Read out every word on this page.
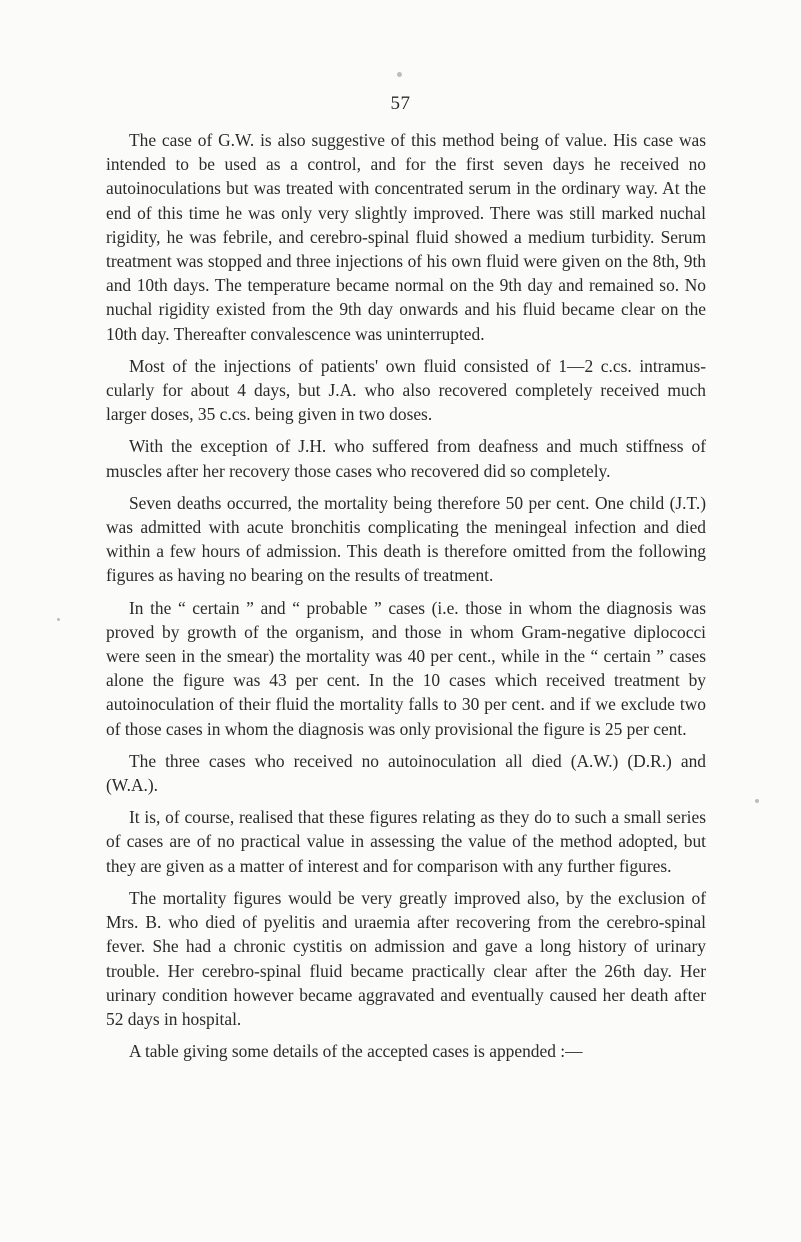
57

The case of G.W. is also suggestive of this method being of value. His case was intended to be used as a control, and for the first seven days he received no autoinoculations but was treated with concentrated serum in the ordinary way. At the end of this time he was only very slightly improved. There was still marked nuchal rigidity, he was febrile, and cerebro-spinal fluid showed a medium turbidity. Serum treatment was stopped and three injections of his own fluid were given on the 8th, 9th and 10th days. The temperature became normal on the 9th day and remained so. No nuchal rigidity existed from the 9th day onwards and his fluid became clear on the 10th day. Thereafter convalescence was uninterrupted.

Most of the injections of patients' own fluid consisted of 1—2 c.cs. intramus-cularly for about 4 days, but J.A. who also recovered completely received much larger doses, 35 c.cs. being given in two doses.

With the exception of J.H. who suffered from deafness and much stiffness of muscles after her recovery those cases who recovered did so completely.

Seven deaths occurred, the mortality being therefore 50 per cent. One child (J.T.) was admitted with acute bronchitis complicating the meningeal infection and died within a few hours of admission. This death is therefore omitted from the following figures as having no bearing on the results of treatment.

In the “ certain ” and “ probable ” cases (i.e. those in whom the diagnosis was proved by growth of the organism, and those in whom Gram-negative diplococci were seen in the smear) the mortality was 40 per cent., while in the “ certain ” cases alone the figure was 43 per cent. In the 10 cases which received treatment by autoinoculation of their fluid the mortality falls to 30 per cent. and if we exclude two of those cases in whom the diagnosis was only provisional the figure is 25 per cent.

The three cases who received no autoinoculation all died (A.W.) (D.R.) and (W.A.).

It is, of course, realised that these figures relating as they do to such a small series of cases are of no practical value in assessing the value of the method adopted, but they are given as a matter of interest and for comparison with any further figures.

The mortality figures would be very greatly improved also, by the exclusion of Mrs. B. who died of pyelitis and uraemia after recovering from the cerebro-spinal fever. She had a chronic cystitis on admission and gave a long history of urinary trouble. Her cerebro-spinal fluid became practically clear after the 26th day. Her urinary condition however became aggravated and eventually caused her death after 52 days in hospital.

A table giving some details of the accepted cases is appended :—
